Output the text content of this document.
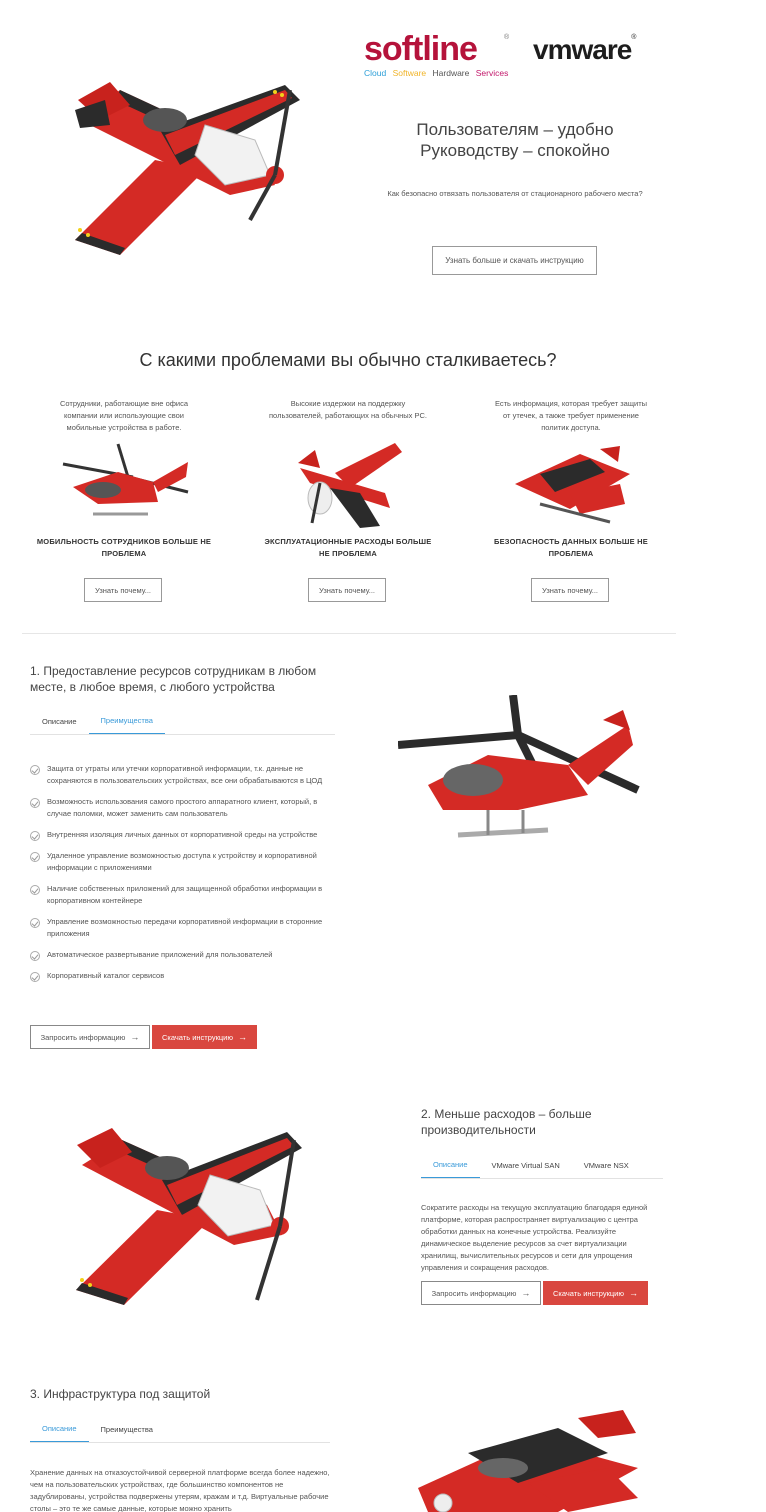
softline	®
Cloud Software Hardware Services
vmware®
Пользователям – удобно
Руководству – спокойно
Как безопасно отвязать пользователя от стационарного рабочего места?
Узнать больше и скачать инструкцию
С какими проблемами вы обычно сталкиваетесь?
Сотрудники, работающие вне офиса компании или использующие свои мобильные устройства в работе.
МОБИЛЬНОСТЬ СОТРУДНИКОВ БОЛЬШЕ НЕ ПРОБЛЕМА
Узнать почему...
Высокие издержки на поддержку пользователей, работающих на обычных PC.
ЭКСПЛУАТАЦИОННЫЕ РАСХОДЫ БОЛЬШЕ НЕ ПРОБЛЕМА
Узнать почему...
Есть информация, которая требует защиты от утечек, а также требует применение политик доступа.
БЕЗОПАСНОСТЬ ДАННЫХ БОЛЬШЕ НЕ ПРОБЛЕМА
Узнать почему...
1. Предоставление ресурсов сотрудникам в любом
месте, в любое время, с любого устройства
Описание	Преимущества
Защита от утраты или утечки корпоративной информации, т.к. данные не сохраняются в пользовательских устройствах, все они обрабатываются в ЦОД
Возможность использования самого простого аппаратного клиент, который, в случае поломки, может заменить сам пользователь
Внутренняя изоляция личных данных от корпоративной среды на устройстве
Удаленное управление возможностью доступа к устройству и корпоративной информации с приложениями
Наличие собственных приложений для защищенной обработки информации в корпоративном контейнере
Управление возможностью передачи корпоративной информации в сторонние приложения
Автоматическое развертывание приложений для пользователей
Корпоративный каталог сервисов
Запросить информацию →	Скачать инструкцию →
2. Меньше расходов – больше
производительности
Описание	VMware Virtual SAN	VMware NSX
Сократите расходы на текущую эксплуатацию благодаря единой платформе, которая распространяет виртуализацию с центра обработки данных на конечные устройства. Реализуйте динамическое выделение ресурсов за счет виртуализации хранилищ, вычислительных ресурсов и сети для упрощения управления и сокращения расходов.
Запросить информацию →	Скачать инструкцию →
3. Инфраструктура под защитой
Описание	Преимущества
Хранение данных на отказоустойчивой серверной платформе всегда более надежно, чем на пользовательских устройствах, где большинство компонентов не задублированы, устройства подвержены утерям, кражам и т.д. Виртуальные рабочие столы – это те же самые данные, которые можно хранить
